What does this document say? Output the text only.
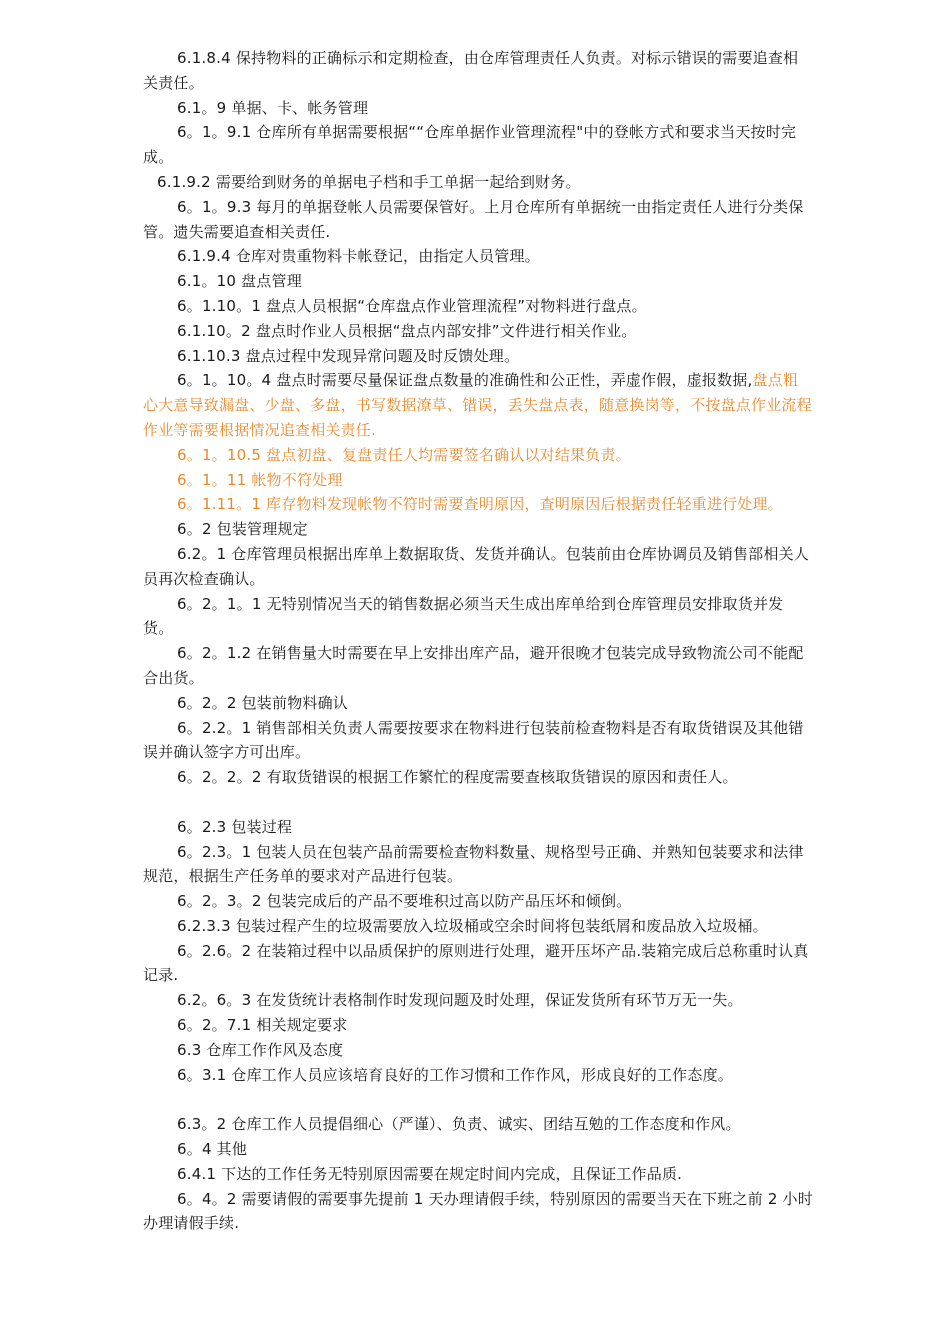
6.1.8.4 保持物料的正确标示和定期检查，由仓库管理责任人负责。对标示错误的需要追查相关责任。

6.1。9 单据、卡、帐务管理

6。1。9.1 仓库所有单据需要根据““仓库单据作业管理流程"中的登帐方式和要求当天按时完成。

6.1.9.2 需要给到财务的单据电子档和手工单据一起给到财务。

6。1。9.3 每月的单据登帐人员需要保管好。上月仓库所有单据统一由指定责任人进行分类保管。遗失需要追查相关责任.

6.1.9.4 仓库对贵重物料卡帐登记，由指定人员管理。

6.1。10 盘点管理

6。1.10。1 盘点人员根据“仓库盘点作业管理流程”对物料进行盘点。

6.1.10。2 盘点时作业人员根据“盘点内部安排”文件进行相关作业。

6.1.10.3 盘点过程中发现异常问题及时反馈处理。

6。1。10。4 盘点时需要尽量保证盘点数量的准确性和公正性，弄虚作假，虚报数据,盘点粗心大意导致漏盘、少盘、多盘，书写数据潦草、错误，丢失盘点表，随意换岗等，不按盘点作业流程作业等需要根据情况追查相关责任.

6。1。10.5 盘点初盘、复盘责任人均需要签名确认以对结果负责。

6。1。11 帐物不符处理

6。1.11。1 库存物料发现帐物不符时需要查明原因，查明原因后根据责任轻重进行处理。

6。2 包装管理规定

6.2。1 仓库管理员根据出库单上数据取货、发货并确认。包装前由仓库协调员及销售部相关人员再次检查确认。

6。2。1。1 无特别情况当天的销售数据必须当天生成出库单给到仓库管理员安排取货并发货。

6。2。1.2 在销售量大时需要在早上安排出库产品，避开很晚才包装完成导致物流公司不能配合出货。

6。2。2 包装前物料确认

6。2.2。1 销售部相关负责人需要按要求在物料进行包装前检查物料是否有取货错误及其他错误并确认签字方可出库。

6。2。2。2 有取货错误的根据工作繁忙的程度需要查核取货错误的原因和责任人。

6。2.3 包装过程

6。2.3。1 包装人员在包装产品前需要检查物料数量、规格型号正确、并熟知包装要求和法律规范，根据生产任务单的要求对产品进行包装。

6。2。3。2 包装完成后的产品不要堆积过高以防产品压坏和倾倒。

6.2.3.3 包装过程产生的垃圾需要放入垃圾桶或空余时间将包装纸屑和废品放入垃圾桶。

6。2.6。2 在装箱过程中以品质保护的原则进行处理，避开压坏产品.装箱完成后总称重时认真记录.

6.2。6。3 在发货统计表格制作时发现问题及时处理，保证发货所有环节万无一失。

6。2。7.1 相关规定要求

6.3 仓库工作作风及态度

6。3.1 仓库工作人员应该培育良好的工作习惯和工作作风，形成良好的工作态度。

6.3。2 仓库工作人员提倡细心（严谨）、负责、诚实、团结互勉的工作态度和作风。

6。4 其他

6.4.1 下达的工作任务无特别原因需要在规定时间内完成，且保证工作品质.

6。4。2 需要请假的需要事先提前 1 天办理请假手续，特别原因的需要当天在下班之前 2 小时办理请假手续.
